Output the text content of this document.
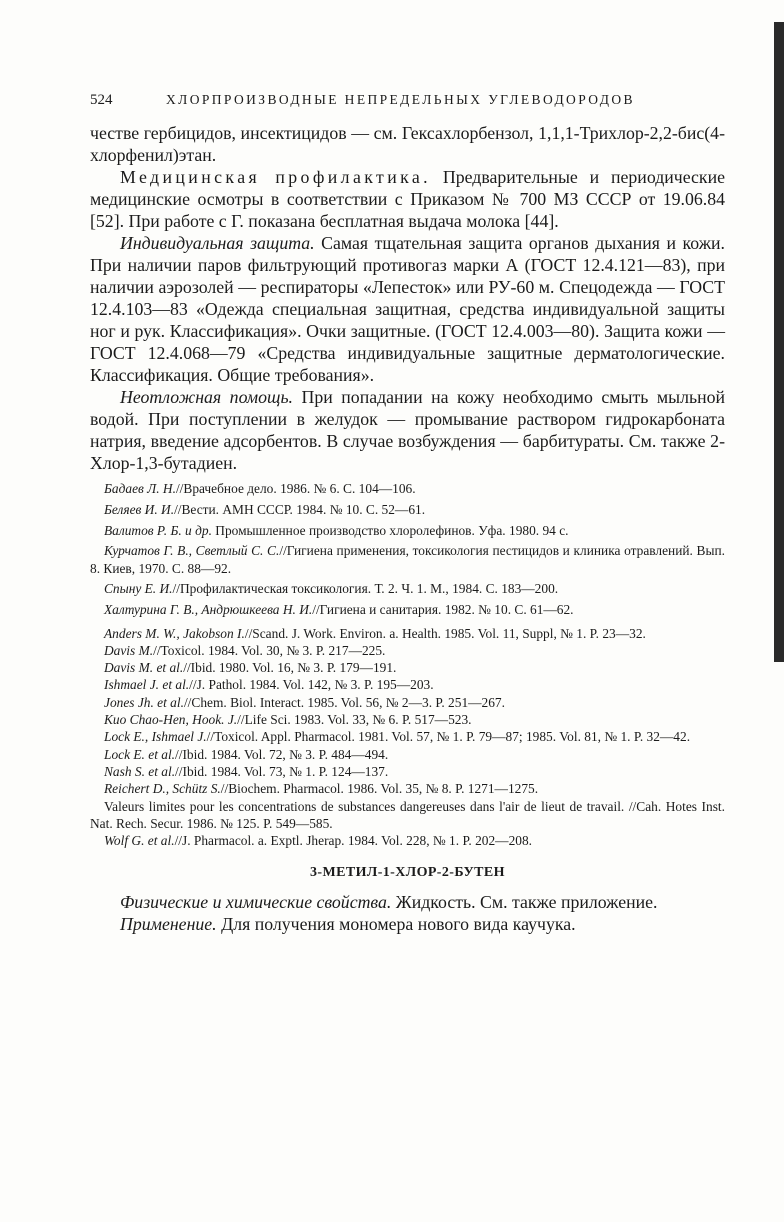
524	ХЛОРПРОИЗВОДНЫЕ НЕПРЕДЕЛЬНЫХ УГЛЕВОДОРОДОВ

честве гербицидов, инсектицидов — см. Гексахлорбензол, 1,1,1-Трихлор-2,2-бис(4-хлорфенил)этан.

Медицинская профилактика. Предварительные и периодические медицинские осмотры в соответствии с Приказом № 700 МЗ СССР от 19.06.84 [52]. При работе с Г. показана бесплатная выдача молока [44].

Индивидуальная защита. Самая тщательная защита органов дыхания и кожи. При наличии паров фильтрующий противогаз марки А (ГОСТ 12.4.121—83), при наличии аэрозолей — респираторы «Лепесток» или РУ-60 м. Спецодежда — ГОСТ 12.4.103—83 «Одежда специальная защитная, средства индивидуальной защиты ног и рук. Классификация». Очки защитные. (ГОСТ 12.4.003—80). Защита кожи — ГОСТ 12.4.068—79 «Средства индивидуальные защитные дерматологические. Классификация. Общие требования».

Неотложная помощь. При попадании на кожу необходимо смыть мыльной водой. При поступлении в желудок — промывание раствором гидрокарбоната натрия, введение адсорбентов. В случае возбуждения — барбитураты. См. также 2-Хлор-1,3-бутадиен.

Бадаев Л. Н.//Врачебное дело. 1986. № 6. С. 104—106.

Беляев И. И.//Вести. АМН СССР. 1984. № 10. С. 52—61.

Валитов Р. Б. и др. Промышленное производство хлоролефинов. Уфа. 1980. 94 с.

Курчатов Г. В., Светлый С. С.//Гигиена применения, токсикология пестицидов и клиника отравлений. Вып. 8. Киев, 1970. С. 88—92.

Спыну Е. И.//Профилактическая токсикология. Т. 2. Ч. 1. М., 1984. С. 183—200.

Халтурина Г. В., Андрюшкеева Н. И.//Гигиена и санитария. 1982. № 10. С. 61—62.

Anders M. W., Jakobson I.//Scand. J. Work. Environ. a. Health. 1985. Vol. 11, Suppl, № 1. P. 23—32.

Davis M.//Toxicol. 1984. Vol. 30, № 3. P. 217—225.

Davis M. et al.//Ibid. 1980. Vol. 16, № 3. P. 179—191.

Ishmael J. et al.//J. Pathol. 1984. Vol. 142, № 3. P. 195—203.

Jones Jh. et al.//Chem. Biol. Interact. 1985. Vol. 56, № 2—3. P. 251—267.

Kuo Chao-Hen, Hook. J.//Life Sci. 1983. Vol. 33, № 6. P. 517—523.

Lock E., Ishmael J.//Toxicol. Appl. Pharmacol. 1981. Vol. 57, № 1. P. 79—87; 1985. Vol. 81, № 1. P. 32—42.

Lock E. et al.//Ibid. 1984. Vol. 72, № 3. P. 484—494.

Nash S. et al.//Ibid. 1984. Vol. 73, № 1. P. 124—137.

Reichert D., Schütz S.//Biochem. Pharmacol. 1986. Vol. 35, № 8. P. 1271—1275.

Valeurs limites pour les concentrations de substances dangereuses dans l'air de lieut de travail. //Cah. Hotes Inst. Nat. Rech. Secur. 1986. № 125. P. 549—585.

Wolf G. et al.//J. Pharmacol. a. Exptl. Jherap. 1984. Vol. 228, № 1. P. 202—208.

3-МЕТИЛ-1-ХЛОР-2-БУТЕН

Физические и химические свойства. Жидкость. См. также приложение.

Применение. Для получения мономера нового вида каучука.
